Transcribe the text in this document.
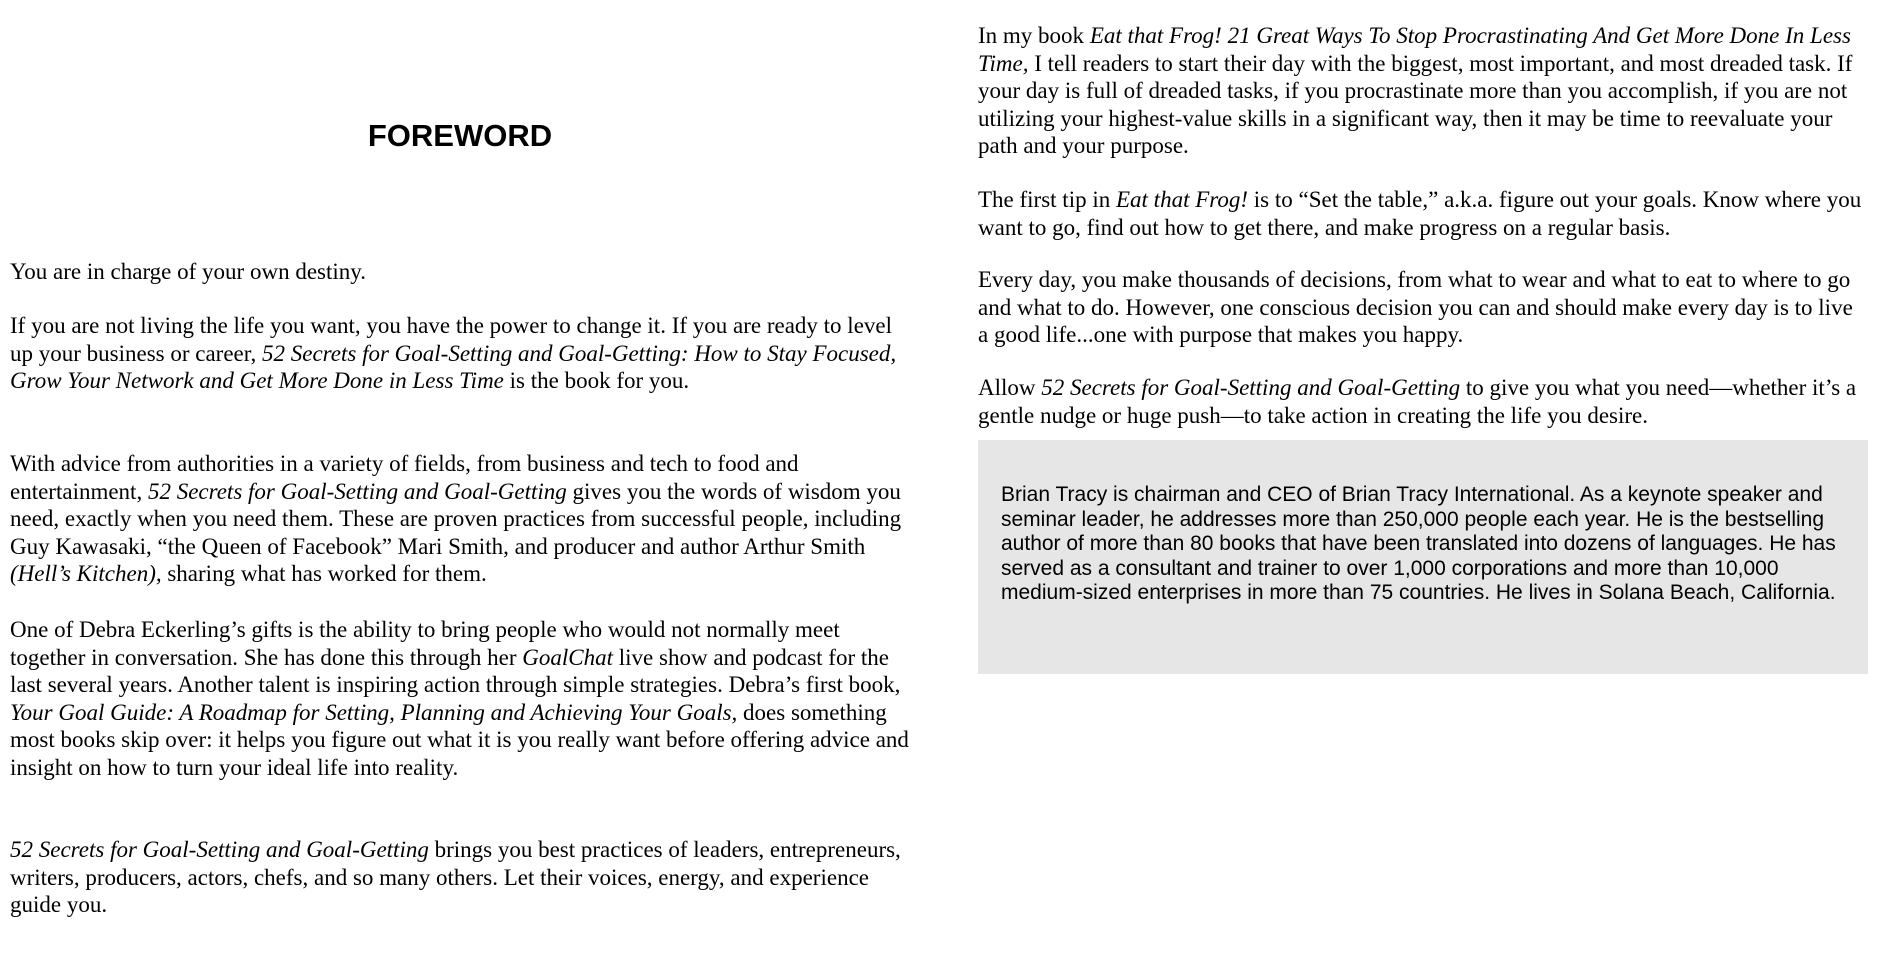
FOREWORD

You are in charge of your own destiny.

If you are not living the life you want, you have the power to change it. If you are ready to level up your business or career, 52 Secrets for Goal-Setting and Goal-Getting: How to Stay Focused, Grow Your Network and Get More Done in Less Time is the book for you.

With advice from authorities in a variety of fields, from business and tech to food and entertainment, 52 Secrets for Goal-Setting and Goal-Getting gives you the words of wisdom you need, exactly when you need them. These are proven practices from successful people, including Guy Kawasaki, “the Queen of Facebook” Mari Smith, and producer and author Arthur Smith (Hell’s Kitchen), sharing what has worked for them.

One of Debra Eckerling’s gifts is the ability to bring people who would not normally meet together in conversation. She has done this through her GoalChat live show and podcast for the last several years. Another talent is inspiring action through simple strategies. Debra’s first book, Your Goal Guide: A Roadmap for Setting, Planning and Achieving Your Goals, does something most books skip over: it helps you figure out what it is you really want before offering advice and insight on how to turn your ideal life into reality.

52 Secrets for Goal-Setting and Goal-Getting brings you best practices of leaders, entrepreneurs, writers, producers, actors, chefs, and so many others. Let their voices, energy, and experience guide you.

In my book Eat that Frog! 21 Great Ways To Stop Procrastinating And Get More Done In Less Time, I tell readers to start their day with the biggest, most important, and most dreaded task. If your day is full of dreaded tasks, if you procrastinate more than you accomplish, if you are not utilizing your highest-value skills in a significant way, then it may be time to reevaluate your path and your purpose.

The first tip in Eat that Frog! is to “Set the table,” a.k.a. figure out your goals. Know where you want to go, find out how to get there, and make progress on a regular basis.

Every day, you make thousands of decisions, from what to wear and what to eat to where to go and what to do. However, one conscious decision you can and should make every day is to live a good life...one with purpose that makes you happy.

Allow 52 Secrets for Goal-Setting and Goal-Getting to give you what you need—whether it’s a gentle nudge or huge push—to take action in creating the life you desire.

Brian Tracy is chairman and CEO of Brian Tracy International. As a keynote speaker and seminar leader, he addresses more than 250,000 people each year. He is the bestselling author of more than 80 books that have been translated into dozens of languages. He has served as a consultant and trainer to over 1,000 corporations and more than 10,000 medium-sized enterprises in more than 75 countries. He lives in Solana Beach, California.
